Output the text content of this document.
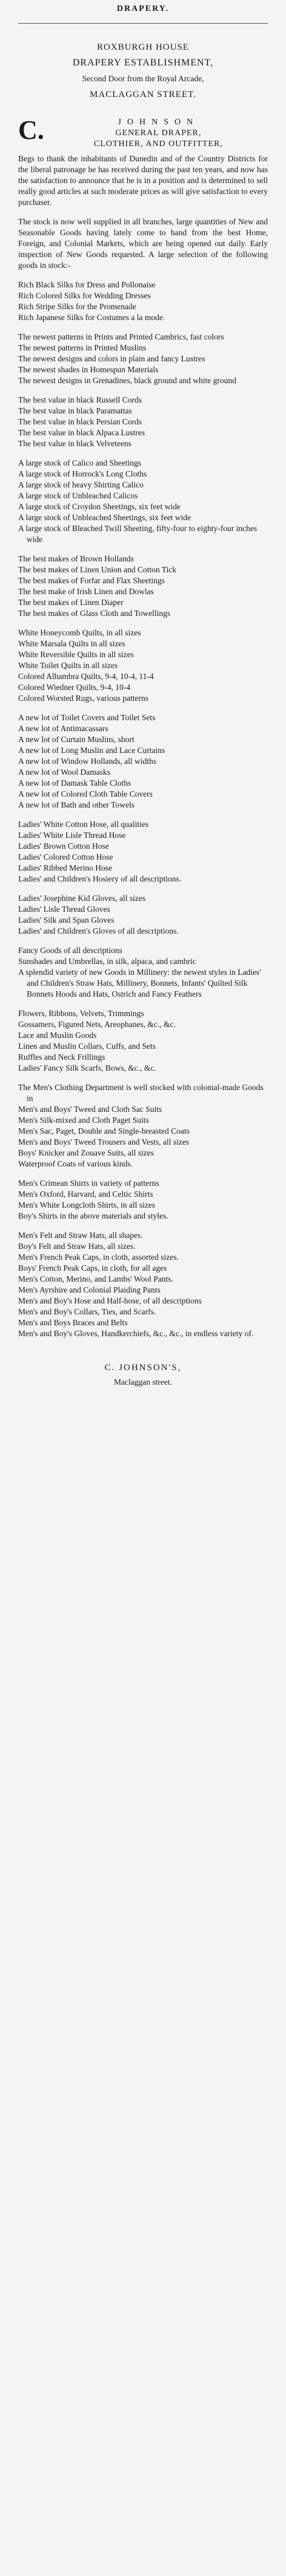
DRAPERY.
ROXBURGH HOUSE
DRAPERY ESTABLISHMENT,
Second Door from the Royal Arcade,
MACLAGGAN STREET.
C.	JOHNSON
GENERAL DRAPER,
CLOTHIER, AND OUTFITTER,

Begs to thank the inhabitants of Dunedin and of the Country Districts for the liberal patronage he has received during the past ten years, and now has the satisfaction to announce that he is in a position and is determined to sell really good articles at such moderate prices as will give satisfaction to every purchaser.

The stock is now well supplied in all branches, large quantities of New and Seasonable Goods having lately come to hand from the best Home, Foreign, and Colonial Markets, which are being opened out daily. Early inspection of New Goods requested. A large selection of the following goods in stock:-

Rich Black Silks for Dress and Pollonaise

Rich Colored Silks for Wedding Dresses

Rich Stripe Silks for the Promenade

Rich Japanese Silks for Costumes a la mode.

The newest patterns in Prints and Printed Cambrics, fast colors

The newest patterns in Printed Muslins

The newest designs and colors in plain and fancy Lustres

The newest shades in Homespun Materials

The newest designs in Grenadines, black ground and white ground

The best value in black Russell Cords

The best value in black Paramattas

The best value in black Persian Cords

The best value in black Alpaca Lustres

The best value in black Velveteens

A large stock of Calico and Sheetings

A large stock of Horrock's Long Cloths

A large stock of heavy Shirting Calico

A large stock of Unbleached Calicos

A large stock of Croydon Sheetings, six feet wide

A large stock of Unbleached Sheetings, six feet wide

A large stock of Bleached Twill Sheeting, fifty-four to eighty-four inches wide

The best makes of Brown Hollands

The best makes of Linen Union and Cotton Tick

The best makes of Forfar and Flax Sheetings

The best make of Irish Linen and Dowlas

The best makes of Linen Diaper

The best makes of Glass Cloth and Towellings

White Honeycomb Quilts, in all sizes

White Marsala Quilts in all sizes

White Reversible Quilts in all sizes

White Toilet Quilts in all sizes

Colored Alhambra Quilts, 9-4, 10-4, 11-4

Colored Wiedner Quilts, 9-4, 10-4

Colored Worsted Rugs, various patterns

A new lot of Toilet Covers and Toilet Sets

A new lot of Antimacassars

A new lot of Curtain Muslins, short

A new lot of Long Muslin and Lace Curtains

A new lot of Window Hollands, all widths

A new lot of Wool Damasks

A new lot of Damask Table Cloths

A new lot of Colored Cloth Table Covers

A new lot of Bath and other Towels

Ladies' White Cotton Hose, all qualities

Ladies' White Lisle Thread Hose

Ladies' Brown Cotton Hose

Ladies' Colored Cotton Hose

Ladies' Ribbed Merino Hose

Ladies' and Children's Hosiery of all descriptions.

Ladies' Josephine Kid Gloves, all sizes

Ladies' Lisle Thread Gloves

Ladies' Silk and Span Gloves

Ladies' and Children's Gloves of all descriptions.

Fancy Goods of all descriptions

Sunshades and Umbrellas, in silk, alpaca, and cambric

A splendid variety of new Goods in Millinery: the newest styles in Ladies' and Children's Straw Hats, Millinery, Bonnets, Infants' Quilted Silk Bonnets Hoods and Hats, Ostrich and Fancy Feathers

Flowers, Ribbons, Velvets, Trimmings

Gossamers, Figured Nets, Areophanes, &c., &c.

Lace and Muslin Goods

Linen and Muslin Collars, Cuffs, and Sets

Ruffles and Neck Frillings

Ladies' Fancy Silk Scarfs, Bows, &c., &c.

The Men's Clothing Department is well stocked with colonial-made Goods in

Men's and Boys' Tweed and Cloth Sac Suits

Men's Silk-mixed and Cloth Paget Suits

Men's Sac, Paget, Double and Single-breasted Coats

Men's and Boys' Tweed Trousers and Vests, all sizes

Boys' Knicker and Zouave Suits, all sizes

Waterproof Coats of various kinds.

Men's Crimean Shirts in variety of patterns

Men's Oxford, Harvard, and Celtic Shirts

Men's White Longcloth Shirts, in all sizes

Boy's Shirts in the above materials and styles.

Men's Felt and Straw Hats, all shapes.

Boy's Felt and Straw Hats, all sizes.

Men's French Peak Caps, in cloth, assorted sizes.

Boys' French Peak Caps, in cloth, for all ages

Men's Cotton, Merino, and Lambs' Wool Pants.

Men's Ayrshire and Colonial Plaiding Pants

Men's and Boy's Hose and Half-hose, of all descriptions

Men's and Boy's Collars, Ties, and Scarfs.

Men's and Boys Braces and Belts

Men's and Boy's Gloves, Handkerchiefs, &c., &c., in endless variety of.

C. JOHNSON'S,
Maclaggan street.
